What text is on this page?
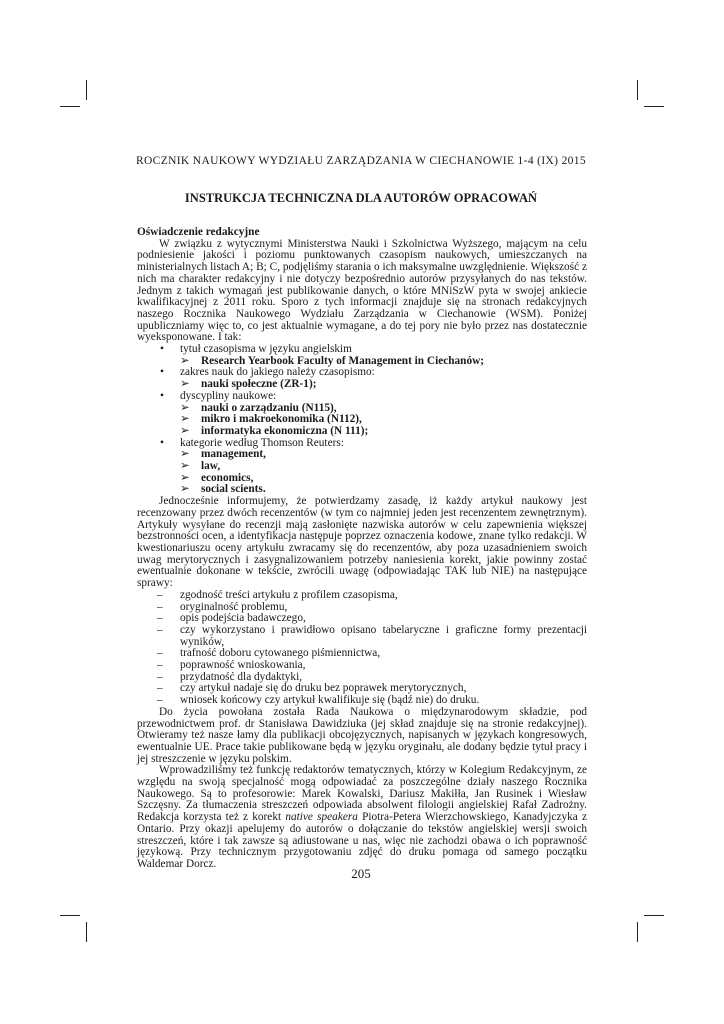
ROCZNIK NAUKOWY WYDZIAŁU ZARZĄDZANIA W CIECHANOWIE 1-4 (IX) 2015
INSTRUKCJA TECHNICZNA DLA AUTORÓW OPRACOWAŃ

Oświadczenie redakcyjne

W związku z wytycznymi Ministerstwa Nauki i Szkolnictwa Wyższego, mającym na celu podniesienie jakości i poziomu punktowanych czasopism naukowych, umieszczanych na ministerialnych listach A; B; C, podjęliśmy starania o ich maksymalne uwzględnienie. Większość z nich ma charakter redakcyjny i nie dotyczy bezpośrednio autorów przysyłanych do nas tekstów. Jednym z takich wymagań jest publikowanie danych, o które MNiSzW pyta w swojej ankiecie kwalifikacyjnej z 2011 roku. Sporo z tych informacji znajduje się na stronach redakcyjnych naszego Rocznika Naukowego Wydziału Zarządzania w Ciechanowie (WSM). Poniżej upubliczniamy więc to, co jest aktualnie wymagane, a do tej pory nie było przez nas dostatecznie wyeksponowane. I tak:

• tytuł czasopisma w języku angielskim
➢ Research Yearbook Faculty of Management in Ciechanów;
• zakres nauk do jakiego należy czasopismo:
➢ nauki społeczne (ZR-1);
• dyscypliny naukowe:
➢ nauki o zarządzaniu (N115),
➢ mikro i makroekonomika (N112),
➢ informatyka ekonomiczna (N 111);
• kategorie według Thomson Reuters:
➢ management,
➢ law,
➢ economics,
➢ social scients.

Jednocześnie informujemy, że potwierdzamy zasadę, iż każdy artykuł naukowy jest recenzowany przez dwóch recenzentów (w tym co najmniej jeden jest recenzentem zewnętrznym). Artykuły wysyłane do recenzji mają zasłonięte nazwiska autorów w celu zapewnienia większej bezstronności ocen, a identyfikacja następuje poprzez oznaczenia kodowe, znane tylko redakcji. W kwestionariuszu oceny artykułu zwracamy się do recenzentów, aby poza uzasadnieniem swoich uwag merytorycznych i zasygnalizowaniem potrzeby naniesienia korekt, jakie powinny zostać ewentualnie dokonane w tekście, zwrócili uwagę (odpowiadając TAK lub NIE) na następujące sprawy:

– zgodność treści artykułu z profilem czasopisma,
– oryginalność problemu,
– opis podejścia badawczego,
– czy wykorzystano i prawidłowo opisano tabelaryczne i graficzne formy prezentacji wyników,
– trafność doboru cytowanego piśmiennictwa,
– poprawność wnioskowania,
– przydatność dla dydaktyki,
– czy artykuł nadaje się do druku bez poprawek merytorycznych,
– wniosek końcowy czy artykuł kwalifikuje się (bądź nie) do druku.

Do życia powołana została Rada Naukowa o międzynarodowym składzie, pod przewodnictwem prof. dr Stanisława Dawidziuka (jej skład znajduje się na stronie redakcyjnej). Otwieramy też nasze łamy dla publikacji obcojęzycznych, napisanych w językach kongresowych, ewentualnie UE. Prace takie publikowane będą w języku oryginału, ale dodany będzie tytuł pracy i jej streszczenie w języku polskim.

Wprowadziliśmy też funkcję redaktorów tematycznych, którzy w Kolegium Redakcyjnym, ze względu na swoją specjalność mogą odpowiadać za poszczególne działy naszego Rocznika Naukowego. Są to profesorowie: Marek Kowalski, Dariusz Makiłła, Jan Rusinek i Wiesław Szczęsny. Za tłumaczenia streszczeń odpowiada absolwent filologii angielskiej Rafał Zadrożny. Redakcja korzysta też z korekt native speakera Piotra-Petera Wierzchowskiego, Kanadyjczyka z Ontario. Przy okazji apelujemy do autorów o dołączanie do tekstów angielskiej wersji swoich streszczeń, które i tak zawsze są adiustowane u nas, więc nie zachodzi obawa o ich poprawność językową. Przy technicznym przygotowaniu zdjęć do druku pomaga od samego początku Waldemar Dorcz.

205
